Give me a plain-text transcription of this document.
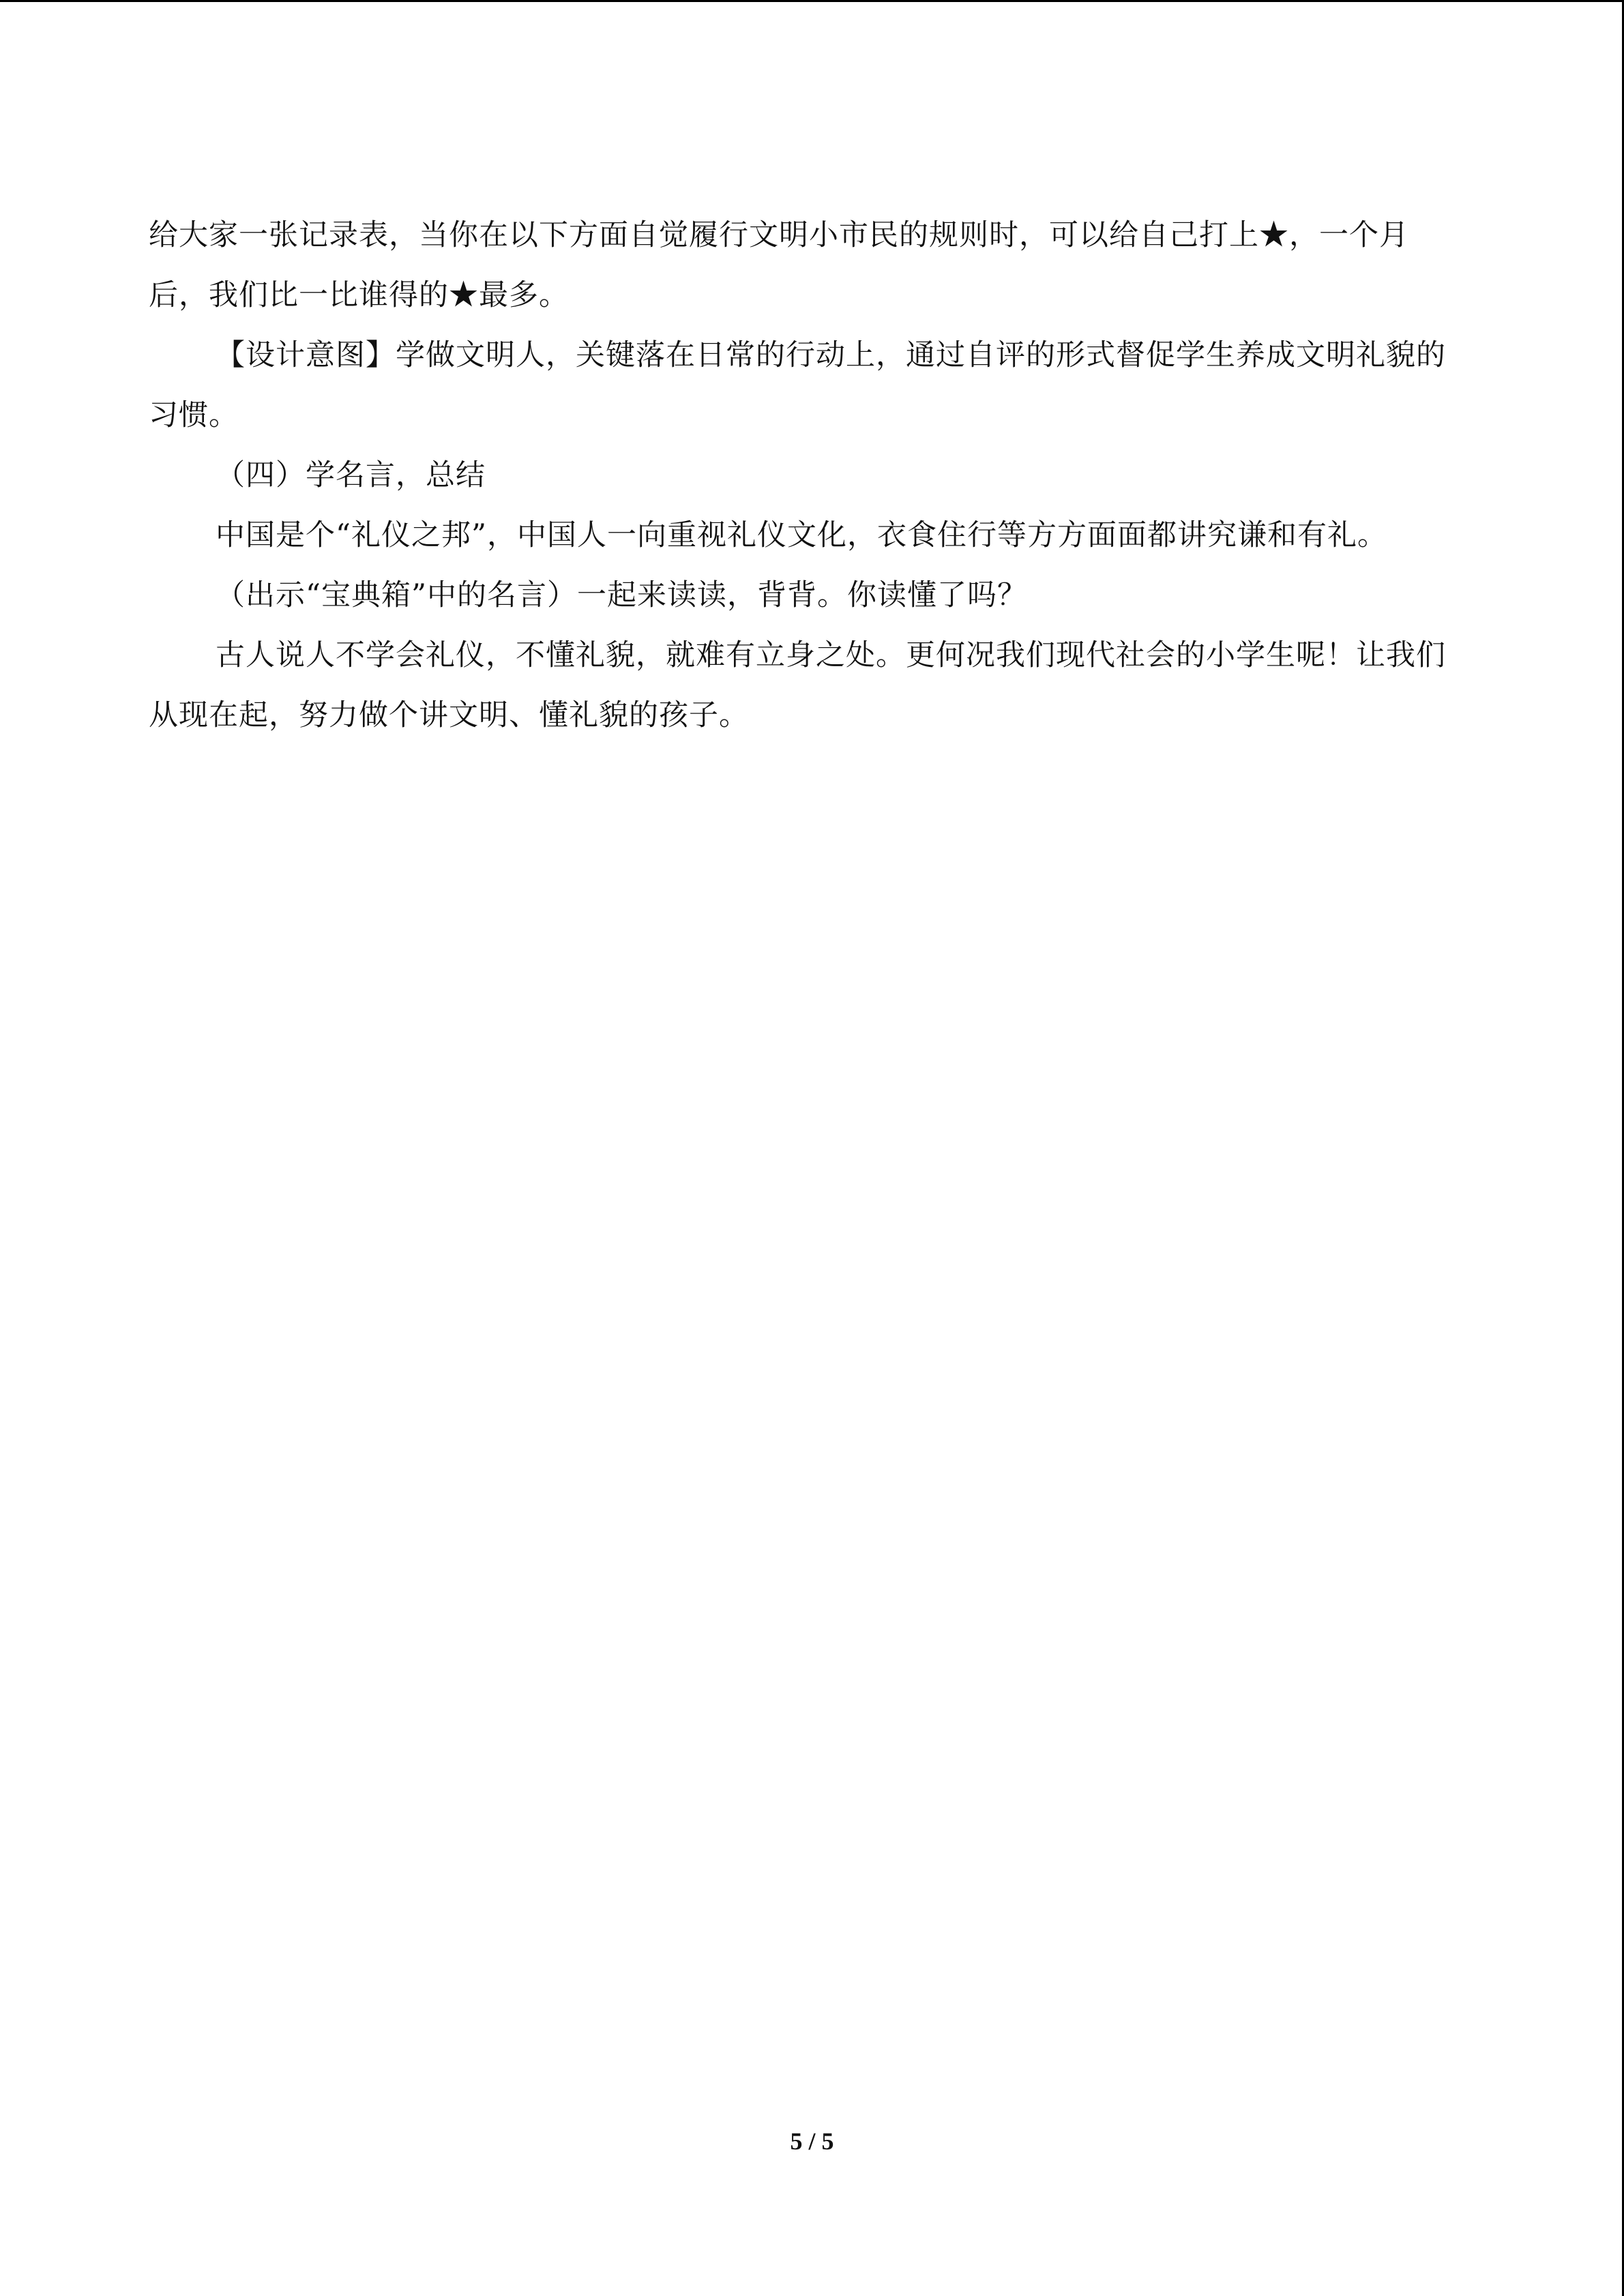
给大家一张记录表，当你在以下方面自觉履行文明小市民的规则时，可以给自己打上★，一个月后，我们比一比谁得的★最多。

【设计意图】学做文明人，关键落在日常的行动上，通过自评的形式督促学生养成文明礼貌的习惯。

（四）学名言，总结

中国是个“礼仪之邦”，中国人一向重视礼仪文化，衣食住行等方方面面都讲究谦和有礼。

（出示“宝典箱”中的名言）一起来读读，背背。你读懂了吗？

古人说人不学会礼仪，不懂礼貌，就难有立身之处。更何况我们现代社会的小学生呢！让我们从现在起，努力做个讲文明、懂礼貌的孩子。

5 / 5
